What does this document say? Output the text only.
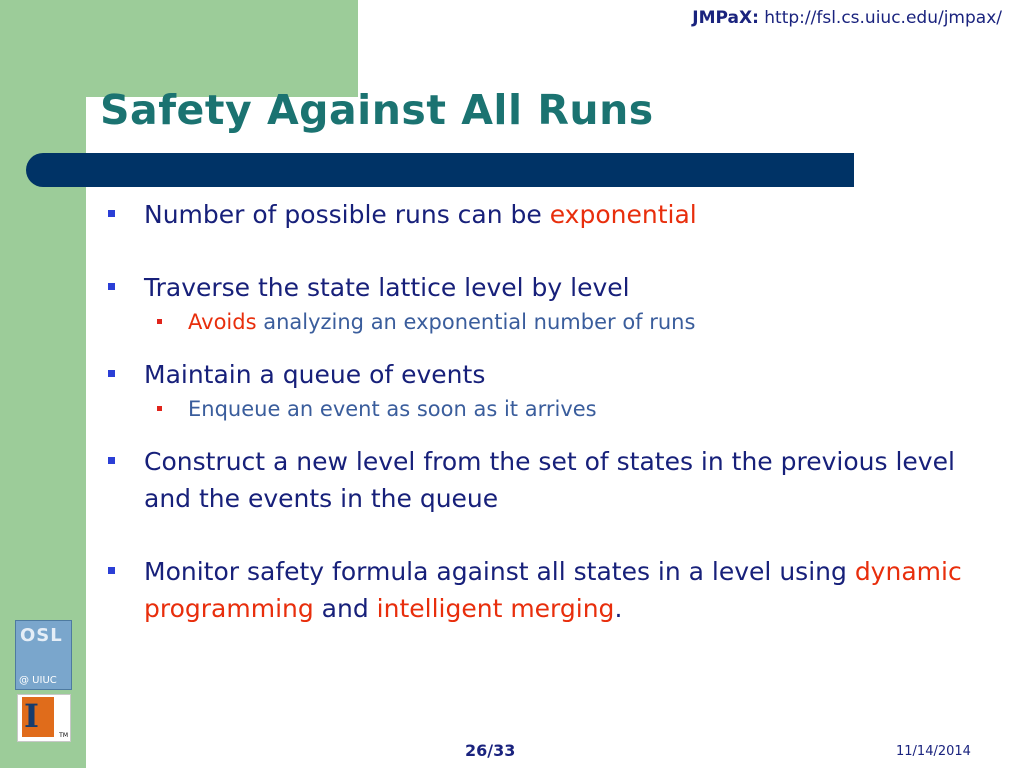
JMPaX: http://fsl.cs.uiuc.edu/jmpax/
Safety Against All Runs
Number of possible runs can be exponential
Traverse the state lattice level by level
Avoids analyzing an exponential number of runs
Maintain a queue of events
Enqueue an event as soon as it arrives
Construct a new level from the set of states in the previous level and the events in the queue
Monitor safety formula against all states in a level using dynamic programming and intelligent merging.
OSL
@ UIUC
I
TM
26/33	11/14/2014
